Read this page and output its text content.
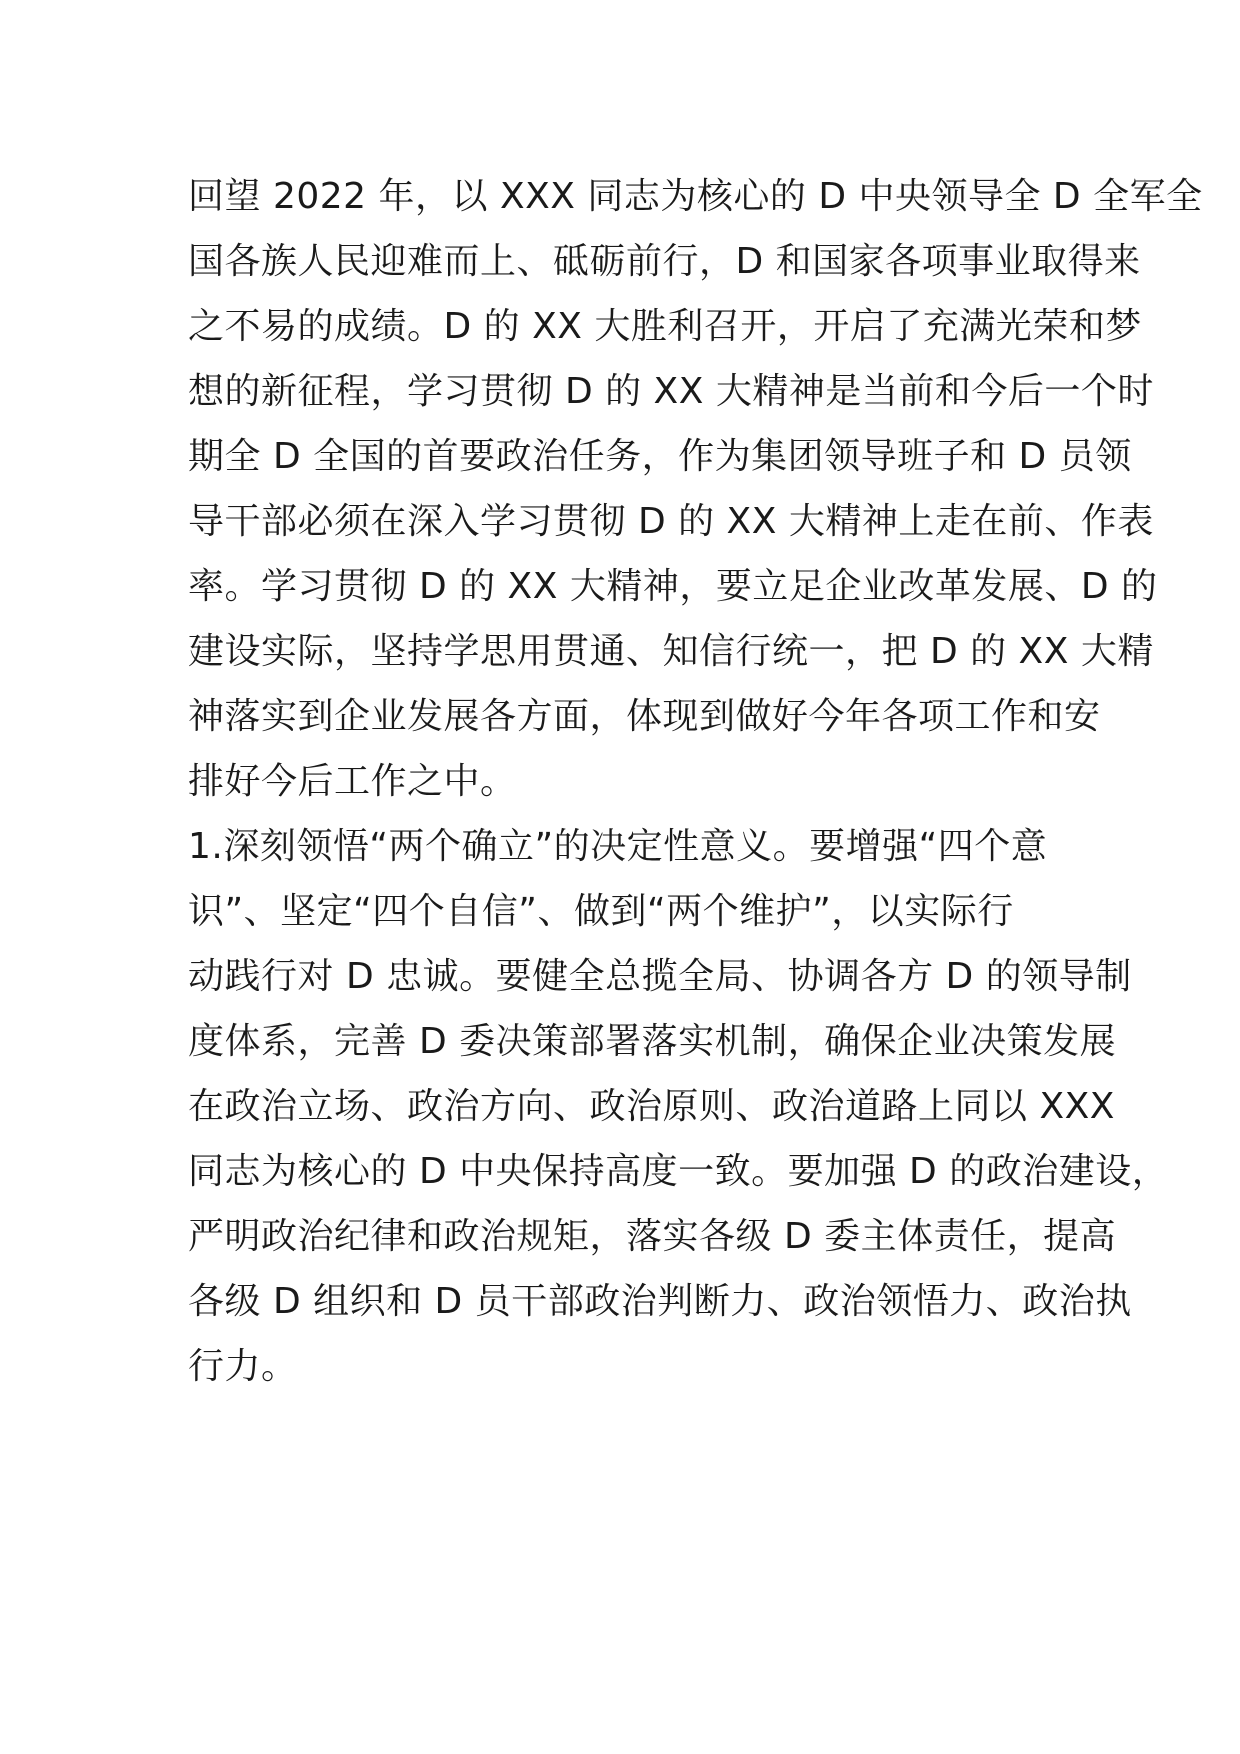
回望 2022 年，以 XXX 同志为核心的 D 中央领导全 D 全军全
国各族人民迎难而上、砥砺前行，D 和国家各项事业取得来
之不易的成绩。D 的 XX 大胜利召开，开启了充满光荣和梦
想的新征程，学习贯彻 D 的 XX 大精神是当前和今后一个时
期全 D 全国的首要政治任务，作为集团领导班子和 D 员领
导干部必须在深入学习贯彻 D 的 XX 大精神上走在前、作表
率。学习贯彻 D 的 XX 大精神，要立足企业改革发展、D 的
建设实际，坚持学思用贯通、知信行统一，把 D 的 XX 大精
神落实到企业发展各方面，体现到做好今年各项工作和安
排好今后工作之中。
1.深刻领悟“两个确立”的决定性意义。要增强“四个意
识”、坚定“四个自信”、做到“两个维护”，以实际行
动践行对 D 忠诚。要健全总揽全局、协调各方 D 的领导制
度体系，完善 D 委决策部署落实机制，确保企业决策发展
在政治立场、政治方向、政治原则、政治道路上同以 XXX
同志为核心的 D 中央保持高度一致。要加强 D 的政治建设，
严明政治纪律和政治规矩，落实各级 D 委主体责任，提高
各级 D 组织和 D 员干部政治判断力、政治领悟力、政治执
行力。
